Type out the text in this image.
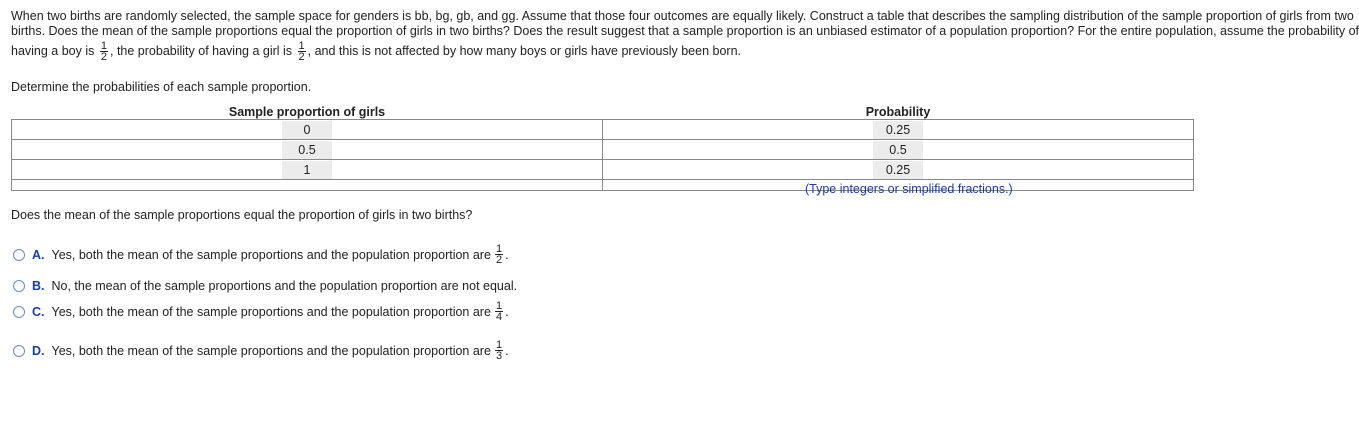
When two births are randomly selected, the sample space for genders is bb, bg, gb, and gg. Assume that those four outcomes are equally likely. Construct a table that describes the sampling distribution of the sample proportion of girls from two
births. Does the mean of the sample proportions equal the proportion of girls in two births? Does the result suggest that a sample proportion is an unbiased estimator of a population proportion? For the entire population, assume the probability of
having a boy is $\frac{1}{2}$ , the probability of having a girl is $\frac{1}{2}$ , and this is not affected by how many boys or girls have previously been born.
Determine the probabilities of each sample proportion.
Sample proportion of girls	Probability
0	0.25
0.5	0.5
1	0.25

(Type integers or simplified fractions.)
Does the mean of the sample proportions equal the proportion of girls in two births?
A. Yes, both the mean of the sample proportions and the population proportion are $\frac{1}{2}$ .
B. No, the mean of the sample proportions and the population proportion are not equal.
C. Yes, both the mean of the sample proportions and the population proportion are $\frac{1}{4}$ .
D. Yes, both the mean of the sample proportions and the population proportion are $\frac{1}{3}$ .
